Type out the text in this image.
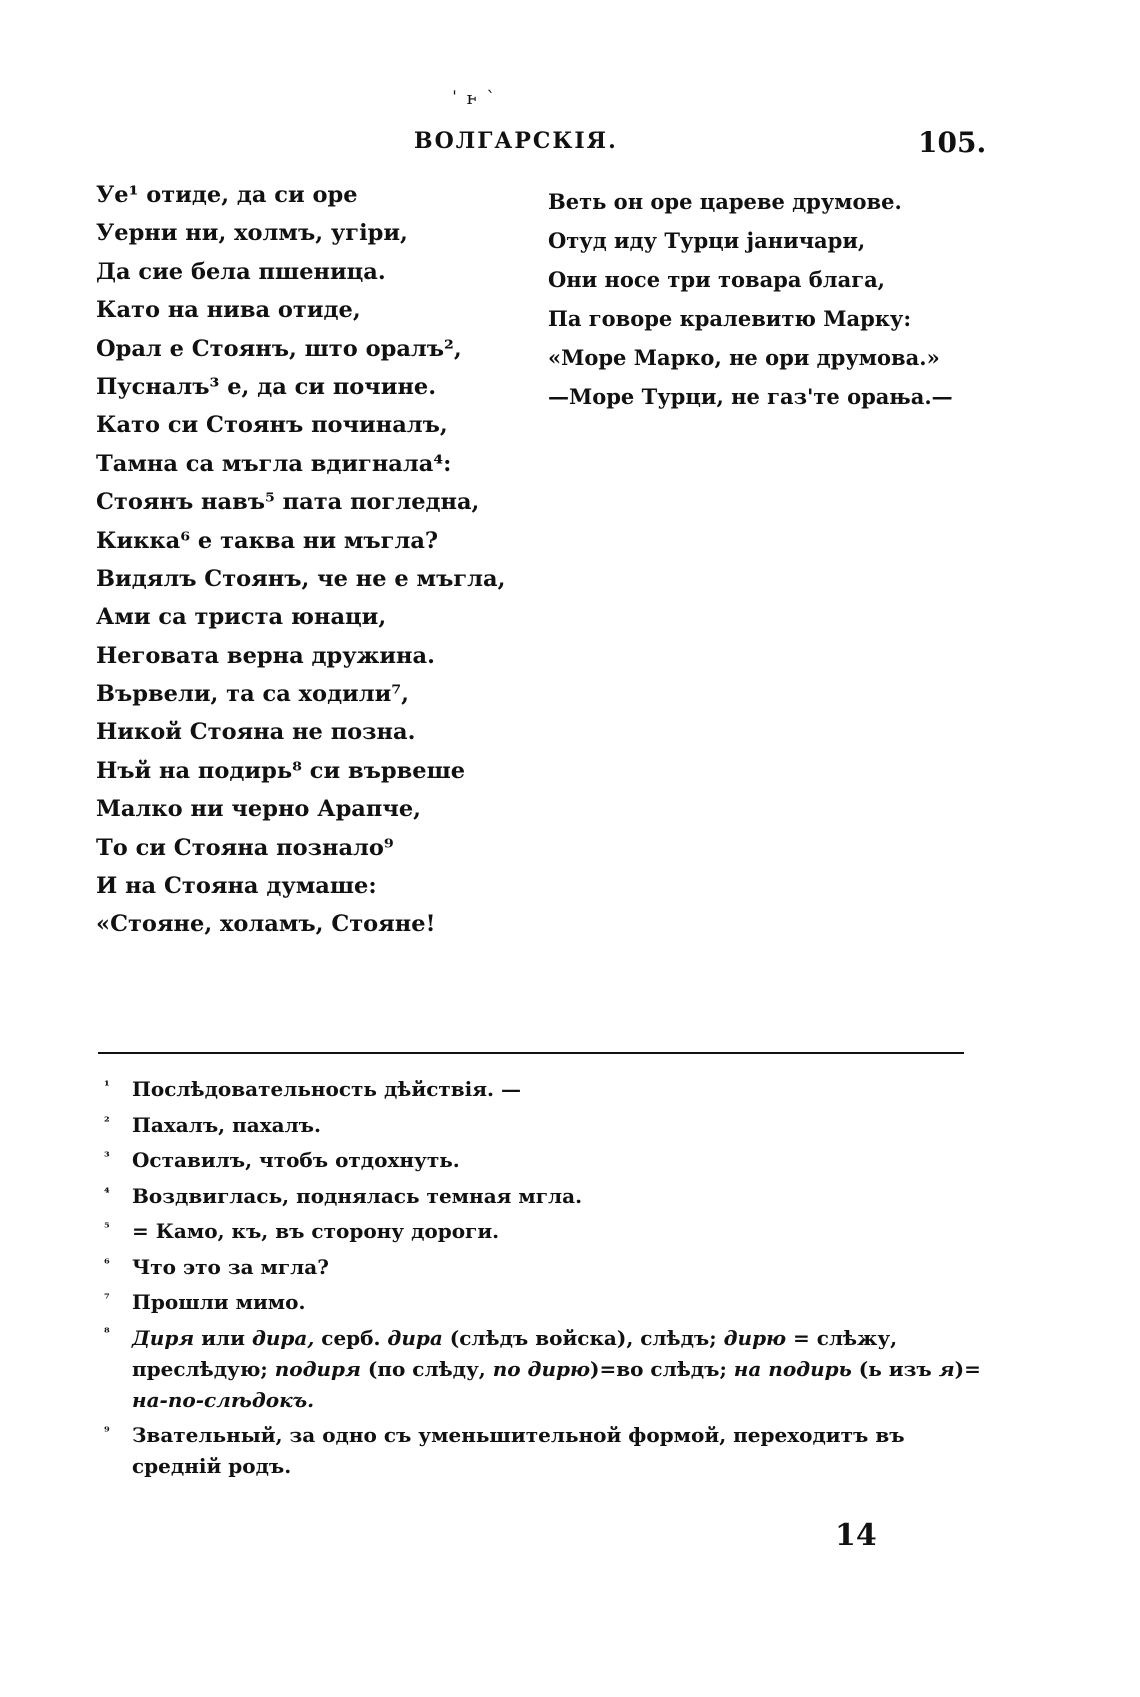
ˈ ⱶ ˋ
ВОЛГАРСКIЯ.	105.
Уе¹ отиде, да си оре
Уерни ни, холмъ, угiри,
Да сие бела пшеница.
Като на нива отиде,
Орал е Стоянъ, што оралъ²,
Пусналъ³ е, да си почине.
Като си Стоянъ починалъ,
Тамна са мъгла вдигнала⁴:
Стоянъ навъ⁵ пата погледна,
Кикка⁶ е таква ни мъгла?
Видялъ Стоянъ, че не е мъгла,
Ами са триста юнаци,
Неговата верна дружина.
Вървели, та са ходили⁷,
Никой Стояна не позна.
Нъй на подирь⁸ си вървеше
Малко ни черно Арапче,
То си Стояна познало⁹
И на Стояна думаше:
«Стояне, холамъ, Стояне!
Веть он оре цареве друмове.
Отуд иду Турци јаничари,
Они носе три товара блага,
Па говоре кралевитю Марку:
«Море Марко, не ори друмова.»
—Море Турци, не газ'те орања.—
¹ Послѣдовательность дѣйствiя. —
² Пахалъ, пахалъ.
³ Оставилъ, чтобъ отдохнуть.
⁴ Воздвиглась, поднялась темная мгла.
⁵ = Камо, къ, въ сторону дороги.
⁶ Что это за мгла?
⁷ Прошли мимо.
⁸ Диря или дира, серб. дира (слѣдъ войска), слѣдъ; дирю = слѣжу, преслѣдую; подиря (по слѣду, по дирю)=во слѣдъ; на подирь (ь изъ я)= на-по-слѣдокъ.
⁹ Звательный, за одно съ уменьшительной формой, переходитъ въ среднiй родъ.
14
